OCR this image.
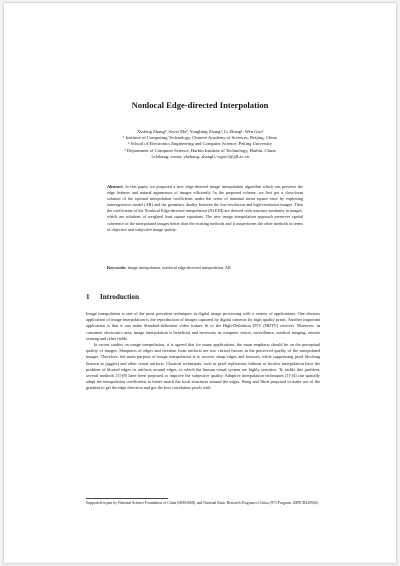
Nonlocal Edge-directed Interpolation
Xinfeng Zhang¹, Siwei Ma², Yongbing Zhang³, Li Zhang¹, Wen Gao²
¹ Institute of Computing Technology, Chinese Academy of Sciences, Beijing, China
² School of Electronics Engineering and Computer Science, Peking University
³ Department of Computer Science, Harbin Institute of Technology, Harbin, China
{xfzhang, swma, ybzhang, zhangli, wgao}@jdl.ac.cn
Abstract. In this paper, we proposed a new edge-directed image interpolation algorithm which can preserve the edge features and natural appearance of images efficiently. In the proposed scheme, we first get a close-form solution of the optimal interpolation coefficients under the sense of minimal mean square error by exploiting autoregressive model (AR) and the geometric duality between the low-resolution and high-resolution images. Then the coefficients of the Nonlocal Edge-directed interpolation (NLEDI) are derived with structure similarity in images, which are solutions of weighted least square equations. The new image interpolation approach preserves spatial coherence of the interpolated images better than the existing methods and it outperforms the other methods in terms of objective and subjective image quality.
Keywords: image interpolation, nonlocal edge-directed interpolation, AR
1 Introduction

Image interpolation is one of the most prevalent techniques in digital image processing with a variety of applications. One obvious application of image interpolation is the reproduction of images captured by digital cameras for high quality prints. Another important application is that it can make Standard-definition video frames fit to the High-Definition DTV (HDTV) receiver. Moreover, in consumer electronics area, image interpolation is beneficial and necessary in computer vision, surveillance, medical imaging, remote sensing and other fields.

In recent studies on image interpolation, it is agreed that for many applications, the main emphasis should be on the perceptual quality of images. Sharpness of edges and freedom from artifacts are two critical factors in the perceived quality of the interpolated images. Therefore, the main purpose of image interpolation is to recover sharp edges and textures, while suppressing pixel blocking (known as jaggies) and other visual artifacts. Classical techniques, such as pixel replication, bilinear or bicubic interpolation have the problem of blurred edges or artifacts around edges, to which the human visual system are highly sensitive. To tackle this problem, several methods [1]-[8] have been proposed to improve the subjective quality. Adaptive interpolation techniques [1]-[4] can spatially adapt the interpolation coefficients to better match the local structures around the edges. Wang and Ward proposed to make use of the gradient to get the edge direction and got the best correlation pixels with

Supported in part by National Science Foundation of China (60803068), and National Basic Research Program of China (973 Program, 2009CB320904).
